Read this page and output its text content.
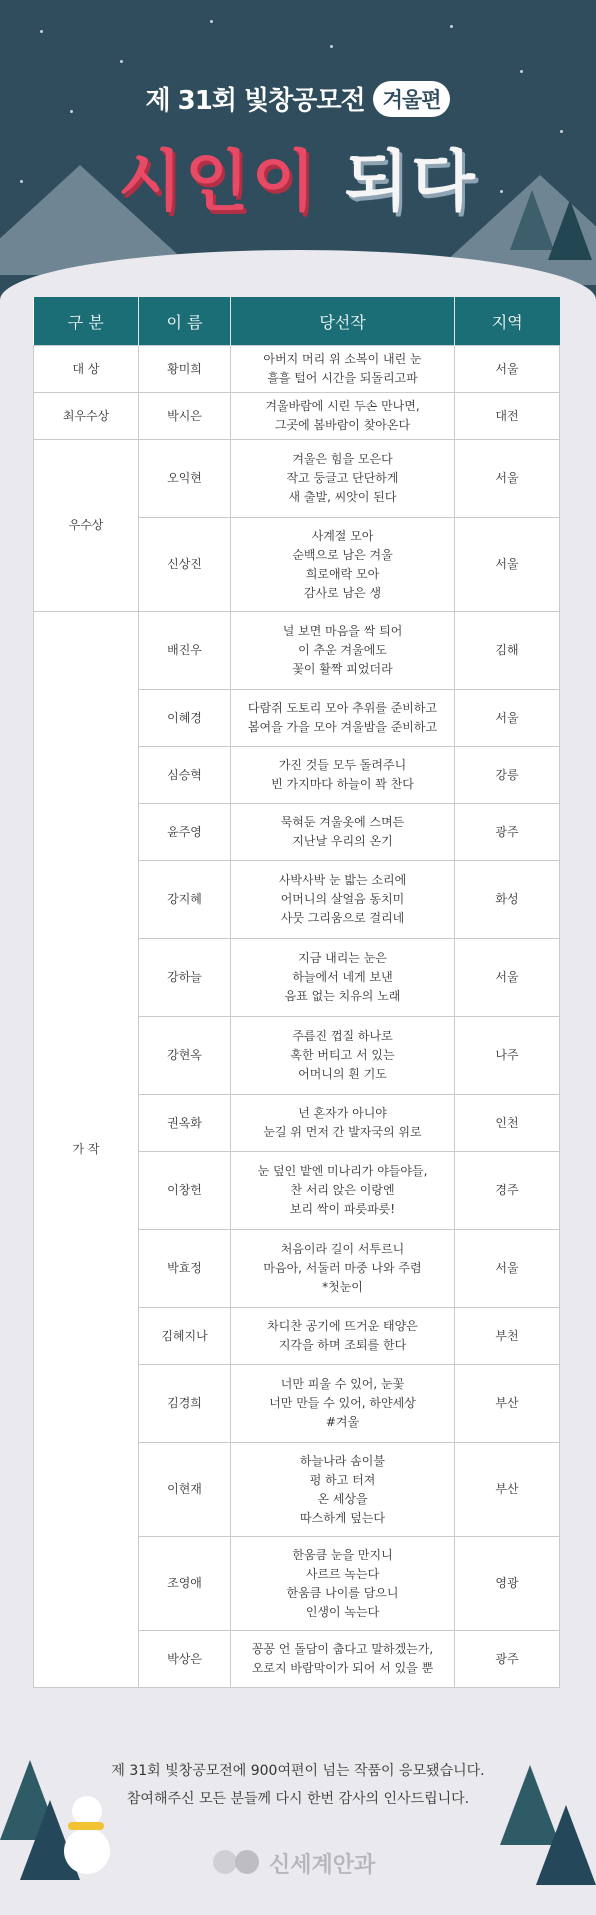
제 31회 빛창공모전 겨울편
시인이 되다
구 분	이 름	당선작	지역
대 상	황미희	아버지 머리 위 소복이 내린 눈
흘흘 털어 시간을 되돌리고파	서울
최우수상	박시은	겨울바람에 시린 두손 만나면,
그곳에 봄바람이 찾아온다	대전
우수상	오익현	겨울은 힘을 모은다
작고 둥글고 단단하게
새 출발, 씨앗이 된다	서울
	신상진	사계절 모아
순백으로 남은 겨울
희로애락 모아
감사로 남은 생	서울
가 작	배진우	널 보면 마음을 싹 틔어
이 추운 겨울에도
꽃이 활짝 피었더라	김해
	이혜경	다람쥐 도토리 모아 추위를 준비하고
봄여을 가을 모아 겨울밤을 준비하고	서울
	심승혁	가진 것들 모두 돌려주니
빈 가지마다 하늘이 꽉 찬다	강릉
	윤주영	묵혀둔 겨울옷에 스며든
지난날 우리의 온기	광주
	강지혜	사박사박 눈 밟는 소리에
어머니의 살얼음 동치미
사뭇 그리움으로 걸리네	화성
	강하늘	지금 내리는 눈은
하늘에서 네게 보낸
음표 없는 치유의 노래	서울
	강현옥	주름진 껍질 하나로
혹한 버티고 서 있는
어머니의 흰 기도	나주
	권옥화	넌 혼자가 아니야
눈길 위 먼저 간 발자국의 위로	인천
	이창헌	눈 덮인 밭엔 미나리가 야들야들,
찬 서리 앉은 이랑엔
보리 싹이 파릇파릇!	경주
	박효정	처음이라 길이 서투르니
마음아, 서둘러 마중 나와 주렴
*첫눈이	서울
	김혜지나	차디찬 공기에 뜨거운 태양은
지각을 하며 조퇴를 한다	부천
	김경희	너만 피울 수 있어, 눈꽃
너만 만들 수 있어, 하얀세상
#겨울	부산
	이현재	하늘나라 솜이불
펑 하고 터져
온 세상을
따스하게 덮는다	부산
	조영애	한움큼 눈을 만지니
사르르 녹는다
한움큼 나이를 담으니
인생이 녹는다	영광
	박상은	꽁꽁 언 돌담이 춥다고 말하겠는가,
오로지 바람막이가 되어 서 있을 뿐	광주
제 31회 빛창공모전에 900여편이 넘는 작품이 응모됐습니다.
참여해주신 모든 분들께 다시 한번 감사의 인사드립니다.
신세계안과
